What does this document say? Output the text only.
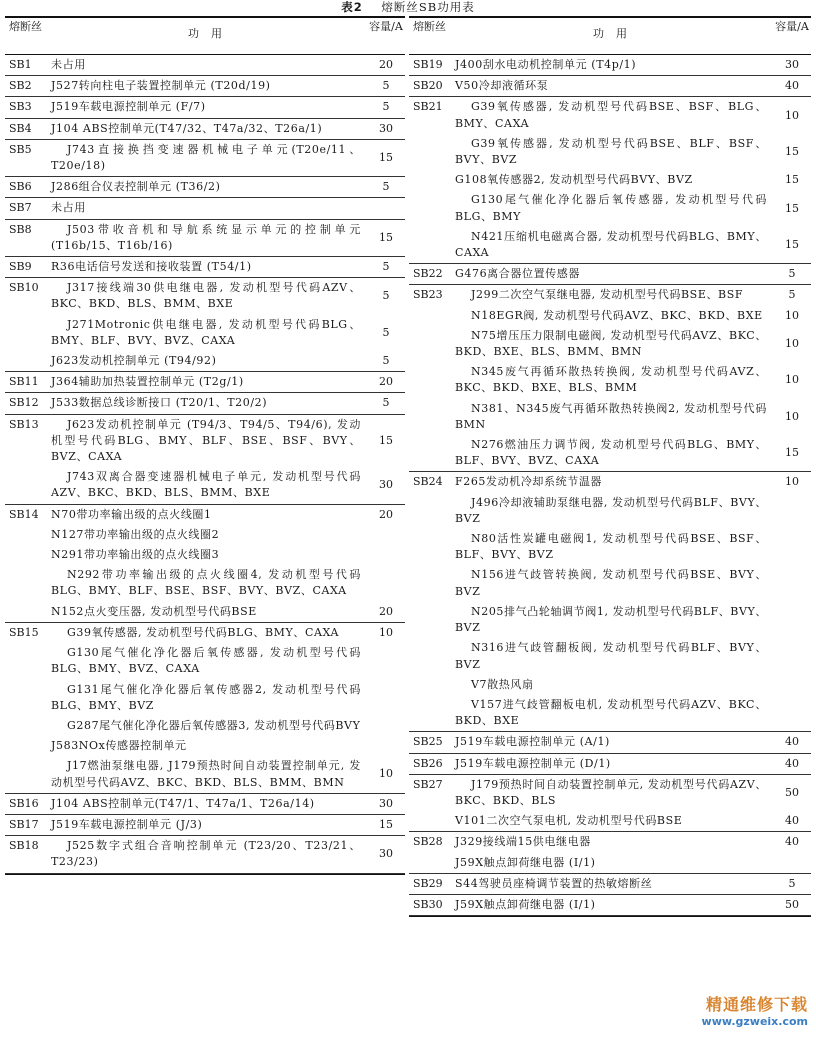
表2 熔断丝SB功用表
熔断丝
功用
容量/A
SB1	未占用	20
SB2	J527转向柱电子装置控制单元 (T20d/19)	5
SB3	J519车载电源控制单元 (F/7)	5
SB4	J104 ABS控制单元(T47/32、T47a/32、T26a/1)	30
SB5	J743直接换挡变速器机械电子单元(T20e/11、T20e/18)
15
SB6	J286组合仪表控制单元 (T36/2)	5
SB7	未占用
SB8	J503带收音机和导航系统显示单元的控制单元 (T16b/15、T16b/16)
15
SB9	R36电话信号发送和接收装置 (T54/1)	5
SB10	J317接线端30供电继电器, 发动机型号代码AZV、BKC、BKD、BLS、BMM、BXE
5
J271Motronic供电继电器, 发动机型号代码BLG、BMY、BLF、BVY、BVZ、CAXA
5
J623发动机控制单元 (T94/92)	5
SB11	J364辅助加热装置控制单元 (T2g/1)	20
SB12	J533数据总线诊断接口 (T20/1、T20/2)	5
SB13	J623发动机控制单元 (T94/3、T94/5、T94/6), 发动机型号代码BLG、BMY、BLF、BSE、BSF、BVY、BVZ、CAXA
15
J743双离合器变速器机械电子单元, 发动机型号代码AZV、BKC、BKD、BLS、BMM、BXE
30
SB14	N70带功率输出级的点火线圈1	20
N127带功率输出级的点火线圈2
N291带功率输出级的点火线圈3
N292带功率输出级的点火线圈4, 发动机型号代码BLG、BMY、BLF、BSE、BSF、BVY、BVZ、CAXA
N152点火变压器, 发动机型号代码BSE	20
SB15	G39氧传感器, 发动机型号代码BLG、BMY、CAXA	10
G130尾气催化净化器后氧传感器, 发动机型号代码BLG、BMY、BVZ、CAXA
G131尾气催化净化器后氧传感器2, 发动机型号代码BLG、BMY、BVZ
G287尾气催化净化器后氧传感器3, 发动机型号代码BVY
J583NOx传感器控制单元
J17燃油泵继电器, J179预热时间自动装置控制单元, 发动机型号代码AVZ、BKC、BKD、BLS、BMM、BMN
10
SB16	J104 ABS控制单元(T47/1、T47a/1、T26a/14)	30
SB17	J519车载电源控制单元 (J/3)	15
SB18	J525数字式组合音响控制单元 (T23/20、T23/21、T23/23)
30
熔断丝
功用
容量/A
SB19	J400刮水电动机控制单元 (T4p/1)	30
SB20	V50冷却液循环泵	40
SB21	G39氧传感器, 发动机型号代码BSE、BSF、BLG、BMY、CAXA
10
G39氧传感器, 发动机型号代码BSE、BLF、BSF、BVY、BVZ
15
G108氧传感器2, 发动机型号代码BVY、BVZ	15
G130尾气催化净化器后氧传感器, 发动机型号代码BLG、BMY
15
N421压缩机电磁离合器, 发动机型号代码BLG、BMY、CAXA
15
SB22	G476离合器位置传感器	5
SB23	J299二次空气泵继电器, 发动机型号代码BSE、BSF	5
N18EGR阀, 发动机型号代码AVZ、BKC、BKD、BXE	10
N75增压压力限制电磁阀, 发动机型号代码AVZ、BKC、BKD、BXE、BLS、BMM、BMN
10
N345废气再循环散热转换阀, 发动机型号代码AVZ、BKC、BKD、BXE、BLS、BMM
10
N381、N345废气再循环散热转换阀2, 发动机型号代码BMN
10
N276燃油压力调节阀, 发动机型号代码BLG、BMY、BLF、BVY、BVZ、CAXA
15
SB24	F265发动机冷却系统节温器	10
J496冷却液辅助泵继电器, 发动机型号代码BLF、BVY、BVZ
N80活性炭罐电磁阀1, 发动机型号代码BSE、BSF、BLF、BVY、BVZ
N156进气歧管转换阀, 发动机型号代码BSE、BVY、BVZ
N205排气凸轮轴调节阀1, 发动机型号代码BLF、BVY、BVZ
N316进气歧管翻板阀, 发动机型号代码BLF、BVY、BVZ
V7散热风扇
V157进气歧管翻板电机, 发动机型号代码AZV、BKC、BKD、BXE
SB25	J519车载电源控制单元 (A/1)	40
SB26	J519车载电源控制单元 (D/1)	40
SB27	J179预热时间自动装置控制单元, 发动机型号代码AZV、BKC、BKD、BLS
50
V101二次空气泵电机, 发动机型号代码BSE	40
SB28	J329接线端15供电继电器	40
J59X触点卸荷继电器 (I/1)
SB29	S44驾驶员座椅调节装置的热敏熔断丝	5
SB30	J59X触点卸荷继电器 (I/1)	50
精通维修下载
www.gzweix.com
